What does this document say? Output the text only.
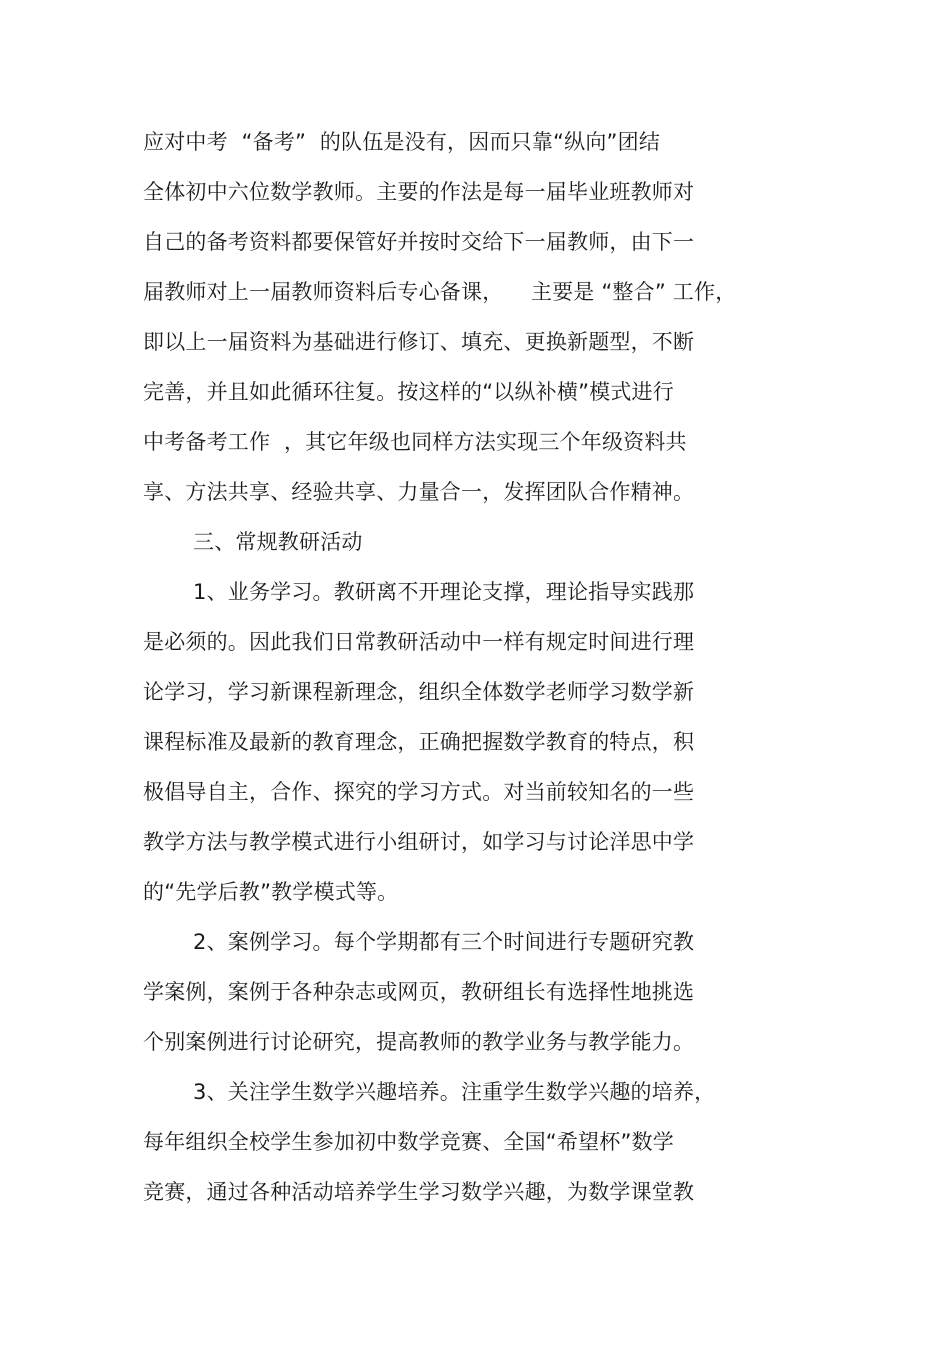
应对中考  “备考”  的队伍是没有，因而只靠“纵向”团结
全体初中六位数学教师。主要的作法是每一届毕业班教师对
自己的备考资料都要保管好并按时交给下一届教师，由下一
届教师对上一届教师资料后专心备课，    主要是 “整合” 工作，
即以上一届资料为基础进行修订、填充、更换新题型，不断
完善，并且如此循环往复。按这样的“以纵补横”模式进行
中考备考工作  ，其它年级也同样方法实现三个年级资料共
享、方法共享、经验共享、力量合一，发挥团队合作精神。
三、常规教研活动
1、业务学习。教研离不开理论支撑，理论指导实践那
是必须的。因此我们日常教研活动中一样有规定时间进行理
论学习，学习新课程新理念，组织全体数学老师学习数学新
课程标准及最新的教育理念，正确把握数学教育的特点，积
极倡导自主，合作、探究的学习方式。对当前较知名的一些
教学方法与教学模式进行小组研讨，如学习与讨论洋思中学
的“先学后教”教学模式等。
2、案例学习。每个学期都有三个时间进行专题研究教
学案例，案例于各种杂志或网页，教研组长有选择性地挑选
个别案例进行讨论研究，提高教师的教学业务与教学能力。
3、关注学生数学兴趣培养。注重学生数学兴趣的培养，
每年组织全校学生参加初中数学竞赛、全国“希望杯”数学
竞赛，通过各种活动培养学生学习数学兴趣，为数学课堂教
